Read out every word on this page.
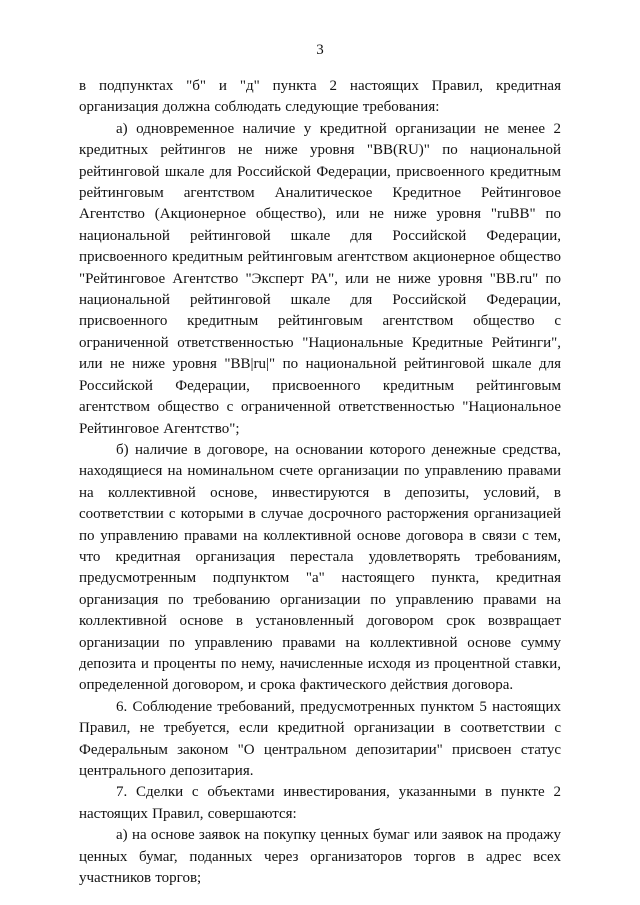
3

в подпунктах "б" и "д" пункта 2 настоящих Правил, кредитная организация должна соблюдать следующие требования:

а) одновременное наличие у кредитной организации не менее 2 кредитных рейтингов не ниже уровня "BB(RU)" по национальной рейтинговой шкале для Российской Федерации, присвоенного кредитным рейтинговым агентством Аналитическое Кредитное Рейтинговое Агентство (Акционерное общество), или не ниже уровня "ruBB" по национальной рейтинговой шкале для Российской Федерации, присвоенного кредитным рейтинговым агентством акционерное общество "Рейтинговое Агентство "Эксперт РА", или не ниже уровня "BB.ru" по национальной рейтинговой шкале для Российской Федерации, присвоенного кредитным рейтинговым агентством общество с ограниченной ответственностью "Национальные Кредитные Рейтинги", или не ниже уровня "BB|ru|" по национальной рейтинговой шкале для Российской Федерации, присвоенного кредитным рейтинговым агентством общество с ограниченной ответственностью "Национальное Рейтинговое Агентство";

б) наличие в договоре, на основании которого денежные средства, находящиеся на номинальном счете организации по управлению правами на коллективной основе, инвестируются в депозиты, условий, в соответствии с которыми в случае досрочного расторжения организацией по управлению правами на коллективной основе договора в связи с тем, что кредитная организация перестала удовлетворять требованиям, предусмотренным подпунктом "а" настоящего пункта, кредитная организация по требованию организации по управлению правами на коллективной основе в установленный договором срок возвращает организации по управлению правами на коллективной основе сумму депозита и проценты по нему, начисленные исходя из процентной ставки, определенной договором, и срока фактического действия договора.

6. Соблюдение требований, предусмотренных пунктом 5 настоящих Правил, не требуется, если кредитной организации в соответствии с Федеральным законом "О центральном депозитарии" присвоен статус центрального депозитария.

7. Сделки с объектами инвестирования, указанными в пункте 2 настоящих Правил, совершаются:

а) на основе заявок на покупку ценных бумаг или заявок на продажу ценных бумаг, поданных через организаторов торгов в адрес всех участников торгов;
